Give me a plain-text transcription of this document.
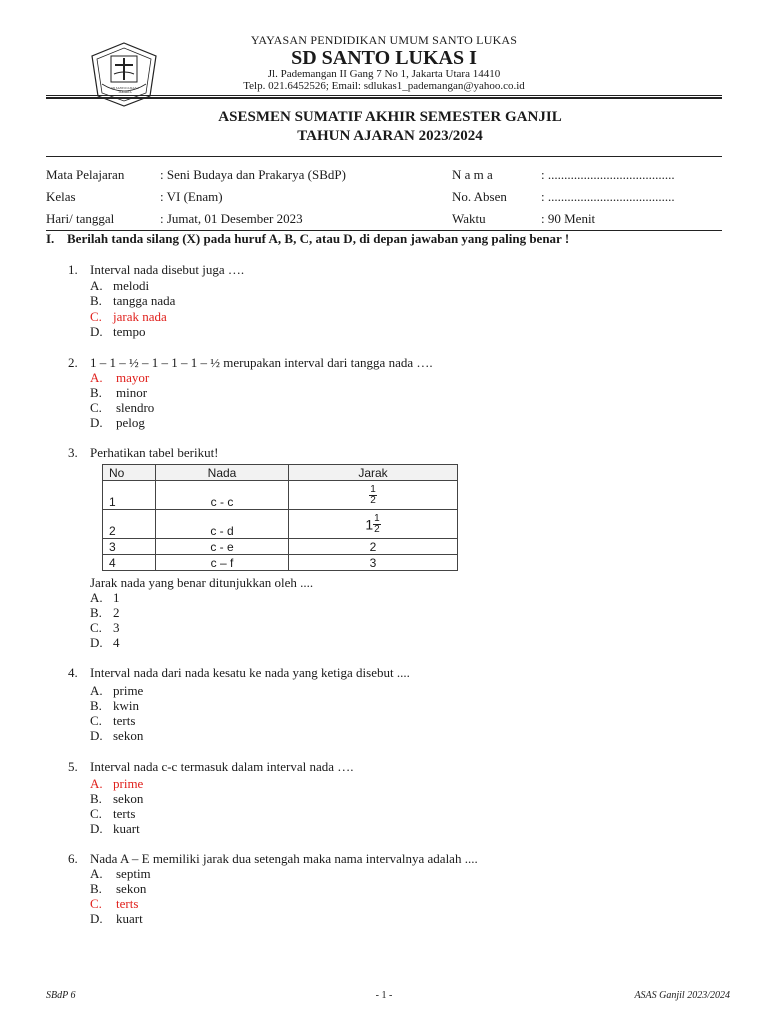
SD SANTO LUKAS 1 JAKARTA
YAYASAN PENDIDIKAN UMUM SANTO LUKAS
SD SANTO LUKAS I
Jl. Pademangan II Gang 7 No 1, Jakarta Utara 14410
Telp. 021.6452526; Email: sdlukas1_pademangan@yahoo.co.id
ASESMEN SUMATIF AKHIR SEMESTER GANJIL
TAHUN AJARAN 2023/2024
Mata Pelajaran	: Seni Budaya dan Prakarya (SBdP)	N a m a	: .......................................
Kelas	: VI (Enam)	No. Absen	: .......................................
Hari/ tanggal	: Jumat, 01 Desember 2023	Waktu	: 90 Menit
I. Berilah tanda silang (X) pada huruf A, B, C, atau D, di depan jawaban yang paling benar !
1. Interval nada disebut juga ….
A. melodi
B. tangga nada
C. jarak nada
D. tempo
2. 1 – 1 – ½ – 1 – 1 – 1 – ½ merupakan interval dari tangga nada ….
A. mayor
B. minor
C. slendro
D. pelog
3. Perhatikan tabel berikut!
No	Nada	Jarak
1	c - c	$\frac{1}{2}$

2	c - d	$1 \frac{1}{2}$

3	c - e	2
4	c – f	3
Jarak nada yang benar ditunjukkan oleh ....
A. 1
B. 2
C. 3
D. 4
4. Interval nada dari nada kesatu ke nada yang ketiga disebut ....
A. prime
B. kwin
C. terts
D. sekon
5. Interval nada c-c termasuk dalam interval nada ….
A. prime
B. sekon
C. terts
D. kuart
6. Nada A – E memiliki jarak dua setengah maka nama intervalnya adalah ....
A. septim
B. sekon
C. terts
D. kuart
SBdP 6	- 1 -	ASAS Ganjil 2023/2024
